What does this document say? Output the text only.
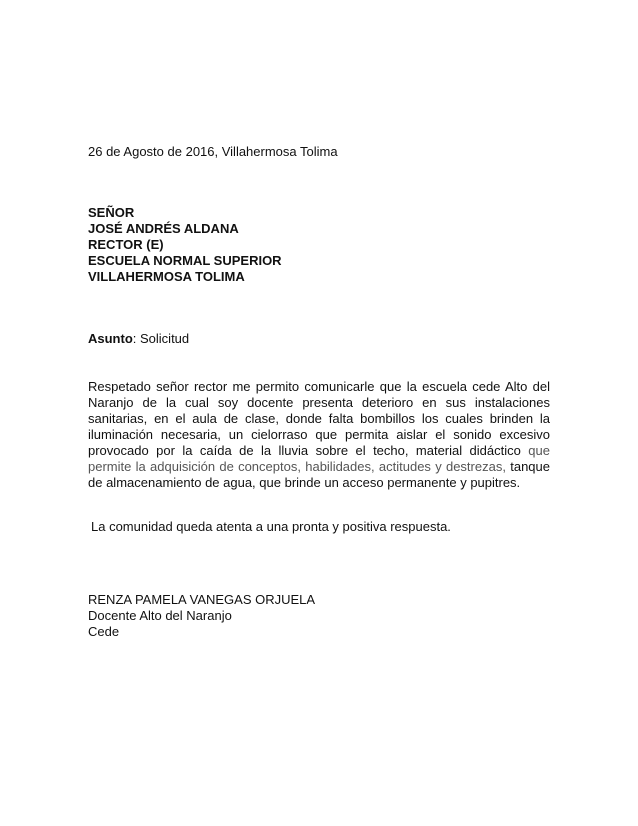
26 de Agosto de 2016, Villahermosa Tolima
SEÑOR
JOSÉ ANDRÉS ALDANA
RECTOR (E)
ESCUELA NORMAL SUPERIOR
VILLAHERMOSA TOLIMA
Asunto: Solicitud
Respetado señor rector me permito comunicarle que la escuela cede Alto del Naranjo de la cual soy docente presenta deterioro en sus instalaciones sanitarias, en el aula de clase, donde falta bombillos los cuales brinden la iluminación necesaria, un cielorraso que permita aislar el sonido excesivo provocado por la caída de la lluvia sobre el techo, material didáctico que permite la adquisición de conceptos, habilidades, actitudes y destrezas, tanque de almacenamiento de agua, que brinde un acceso permanente y pupitres.
La comunidad queda atenta a una pronta y positiva respuesta.
RENZA PAMELA VANEGAS ORJUELA
Docente Alto del Naranjo
Cede
